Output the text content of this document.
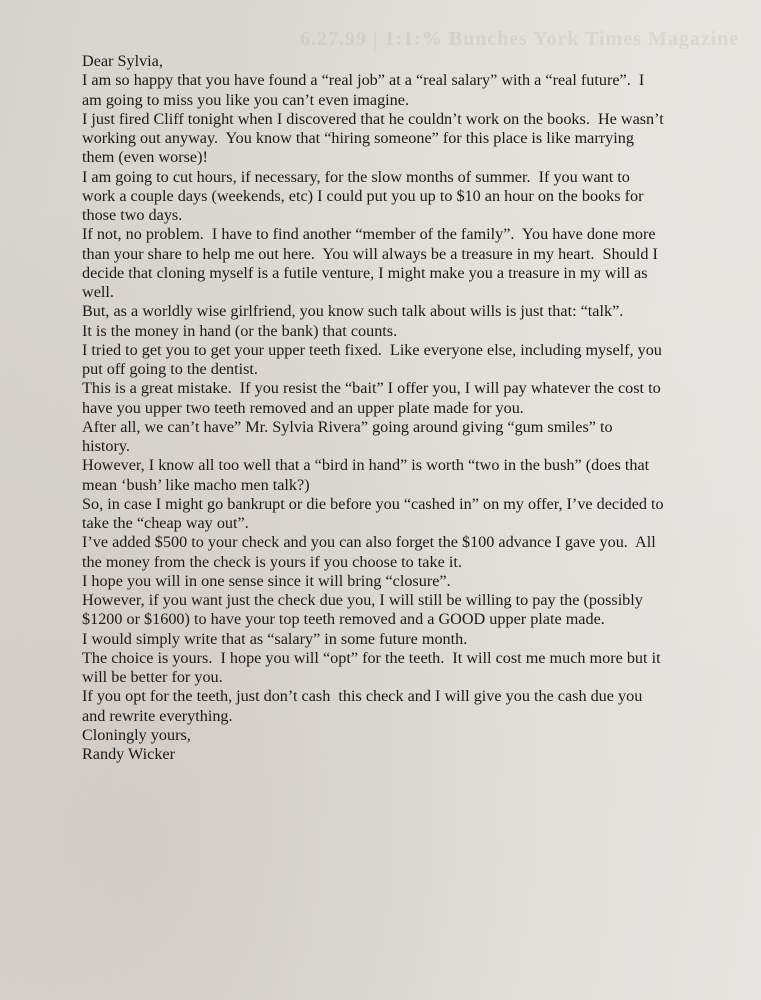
6.27.99 | 1:1:% Bunches York Times Magazine
Dear Sylvia,
I am so happy that you have found a “real job” at a “real salary” with a “real future”.  I
am going to miss you like you can’t even imagine.
I just fired Cliff tonight when I discovered that he couldn’t work on the books.  He wasn’t
working out anyway.  You know that “hiring someone” for this place is like marrying
them (even worse)!
I am going to cut hours, if necessary, for the slow months of summer.  If you want to
work a couple days (weekends, etc) I could put you up to $10 an hour on the books for
those two days.
If not, no problem.  I have to find another “member of the family”.  You have done more
than your share to help me out here.  You will always be a treasure in my heart.  Should I
decide that cloning myself is a futile venture, I might make you a treasure in my will as
well.
But, as a worldly wise girlfriend, you know such talk about wills is just that: “talk”.
It is the money in hand (or the bank) that counts.
I tried to get you to get your upper teeth fixed.  Like everyone else, including myself, you
put off going to the dentist.
This is a great mistake.  If you resist the “bait” I offer you, I will pay whatever the cost to
have you upper two teeth removed and an upper plate made for you.
After all, we can’t have” Mr. Sylvia Rivera” going around giving “gum smiles” to
history.
However, I know all too well that a “bird in hand” is worth “two in the bush” (does that
mean ‘bush’ like macho men talk?)
So, in case I might go bankrupt or die before you “cashed in” on my offer, I’ve decided to
take the “cheap way out”.
I’ve added $500 to your check and you can also forget the $100 advance I gave you.  All
the money from the check is yours if you choose to take it.
I hope you will in one sense since it will bring “closure”.
However, if you want just the check due you, I will still be willing to pay the (possibly
$1200 or $1600) to have your top teeth removed and a GOOD upper plate made.
I would simply write that as “salary” in some future month.
The choice is yours.  I hope you will “opt” for the teeth.  It will cost me much more but it
will be better for you.
If you opt for the teeth, just don’t cash  this check and I will give you the cash due you
and rewrite everything.
Cloningly yours,
Randy Wicker
